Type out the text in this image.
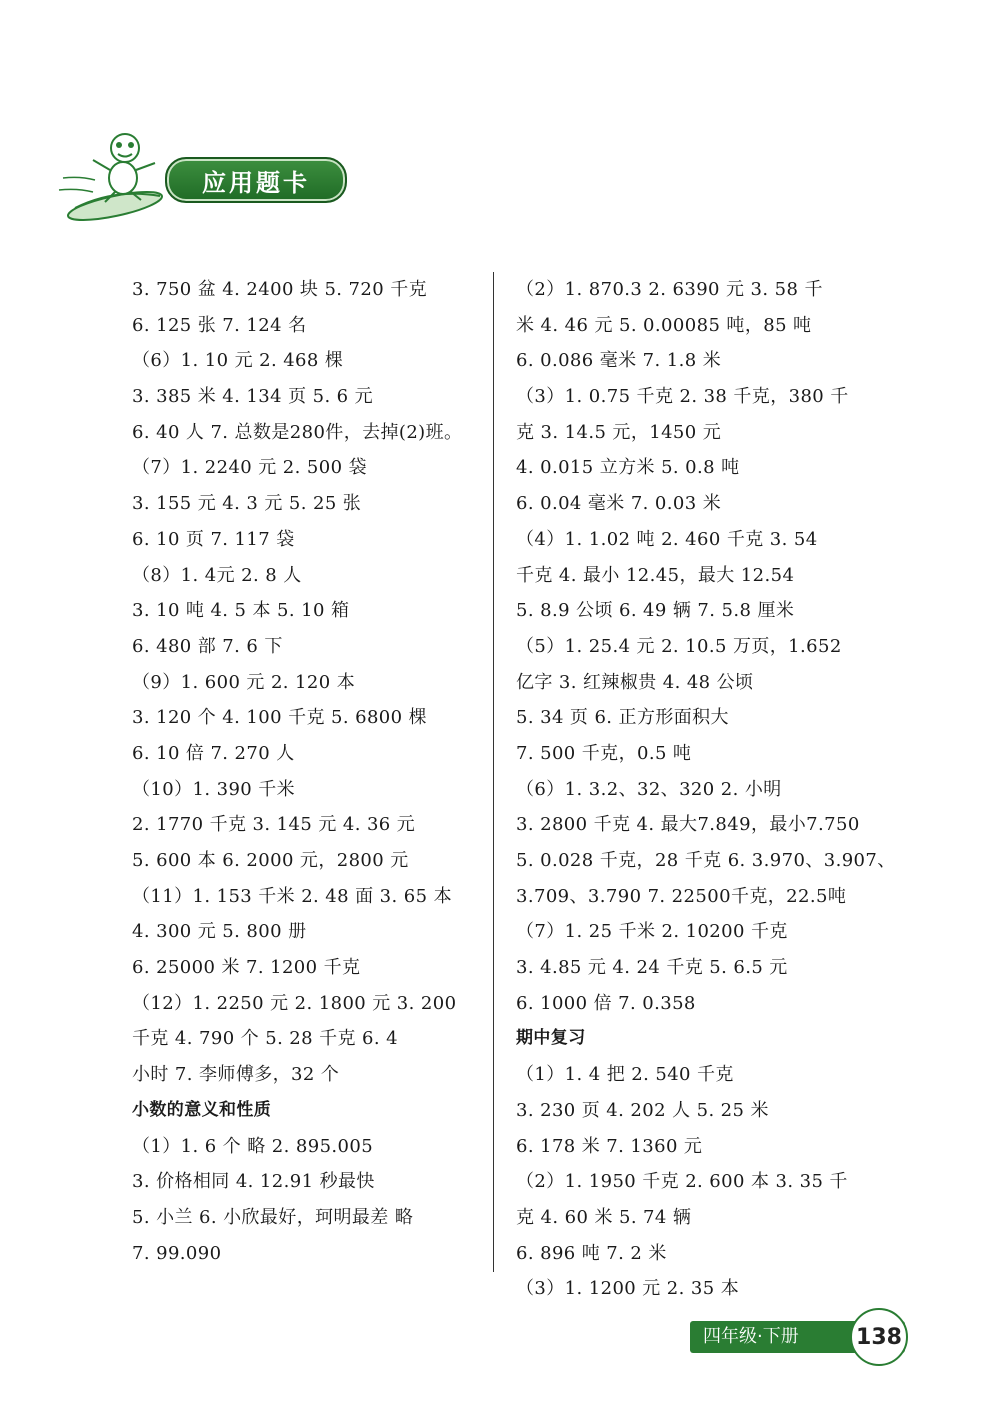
应用题卡
3. 750 盆 4. 2400 块 5. 720 千克
6. 125 张 7. 124 名
（6）1. 10 元 2. 468 棵
3. 385 米 4. 134 页 5. 6 元
6. 40 人 7. 总数是280件，去掉(2)班。
（7）1. 2240 元 2. 500 袋
3. 155 元 4. 3 元 5. 25 张
6. 10 页 7. 117 袋
（8）1. 4元 2. 8 人
3. 10 吨 4. 5 本 5. 10 箱
6. 480 部 7. 6 下
（9）1. 600 元 2. 120 本
3. 120 个 4. 100 千克 5. 6800 棵
6. 10 倍 7. 270 人
（10）1. 390 千米
2. 1770 千克 3. 145 元 4. 36 元
5. 600 本 6. 2000 元，2800 元
（11）1. 153 千米 2. 48 面 3. 65 本
4. 300 元 5. 800 册
6. 25000 米 7. 1200 千克
（12）1. 2250 元 2. 1800 元 3. 200
千克 4. 790 个 5. 28 千克 6. 4
小时 7. 李师傅多，32 个
小数的意义和性质
（1）1. 6 个 略 2. 895.005
3. 价格相同 4. 12.91 秒最快
5. 小兰 6. 小欣最好，珂明最差 略
7. 99.090
（2）1. 870.3 2. 6390 元 3. 58 千
米 4. 46 元 5. 0.00085 吨，85 吨
6. 0.086 毫米 7. 1.8 米
（3）1. 0.75 千克 2. 38 千克，380 千
克 3. 14.5 元，1450 元
4. 0.015 立方米 5. 0.8 吨
6. 0.04 毫米 7. 0.03 米
（4）1. 1.02 吨 2. 460 千克 3. 54
千克 4. 最小 12.45，最大 12.54
5. 8.9 公顷 6. 49 辆 7. 5.8 厘米
（5）1. 25.4 元 2. 10.5 万页，1.652
亿字 3. 红辣椒贵 4. 48 公顷
5. 34 页 6. 正方形面积大
7. 500 千克，0.5 吨
（6）1. 3.2、32、320 2. 小明
3. 2800 千克 4. 最大7.849，最小7.750
5. 0.028 千克，28 千克 6. 3.970、3.907、
3.709、3.790 7. 22500千克，22.5吨
（7）1. 25 千米 2. 10200 千克
3. 4.85 元 4. 24 千克 5. 6.5 元
6. 1000 倍 7. 0.358
期中复习
（1）1. 4 把 2. 540 千克
3. 230 页 4. 202 人 5. 25 米
6. 178 米 7. 1360 元
（2）1. 1950 千克 2. 600 本 3. 35 千
克 4. 60 米 5. 74 辆
6. 896 吨 7. 2 米
（3）1. 1200 元 2. 35 本
四年级·下册	138
